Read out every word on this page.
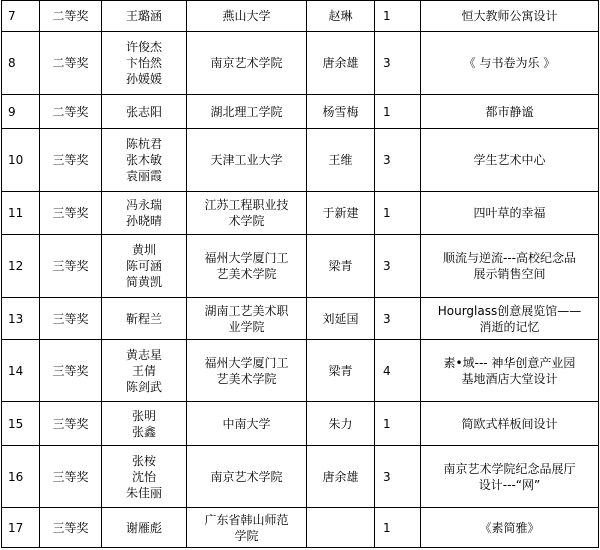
7	二等奖	王璐涵	燕山大学	赵琳	1	恒大教师公寓设计

8	二等奖	许俊杰
卞怡然
孙媛媛	南京艺术学院	唐余雄	3	《 与书卷为乐 》

9	二等奖	张志阳	湖北理工学院	杨雪梅	1	都市静谧

10	三等奖	陈杭君
张木敏
袁丽霞	天津工业大学	王维	3	学生艺术中心

11	三等奖	冯永瑞
孙晓晴	江苏工程职业技
术学院	于新建	1	四叶草的幸福

12	三等奖	黄圳
陈可涵
简黄凯	福州大学厦门工
艺美术学院	梁青	3	顺流与逆流---高校纪念品
展示销售空间

13	三等奖	靳程兰	湖南工艺美术职
业学院	刘延国	3	Hourglass创意展览馆——
消逝的记忆

14	三等奖	黄志星
王倩
陈剑武	福州大学厦门工
艺美术学院	梁青	4	素•域--- 神华创意产业园
基地酒店大堂设计

15	三等奖	张明
张鑫	中南大学	朱力	1	简欧式样板间设计

16	三等奖	张桉
沈怡
朱佳丽	南京艺术学院	唐余雄	3	南京艺术学院纪念品展厅
设计---“网”

17	三等奖	谢雁彪	广东省韩山师范
学院		1	《素简雅》
